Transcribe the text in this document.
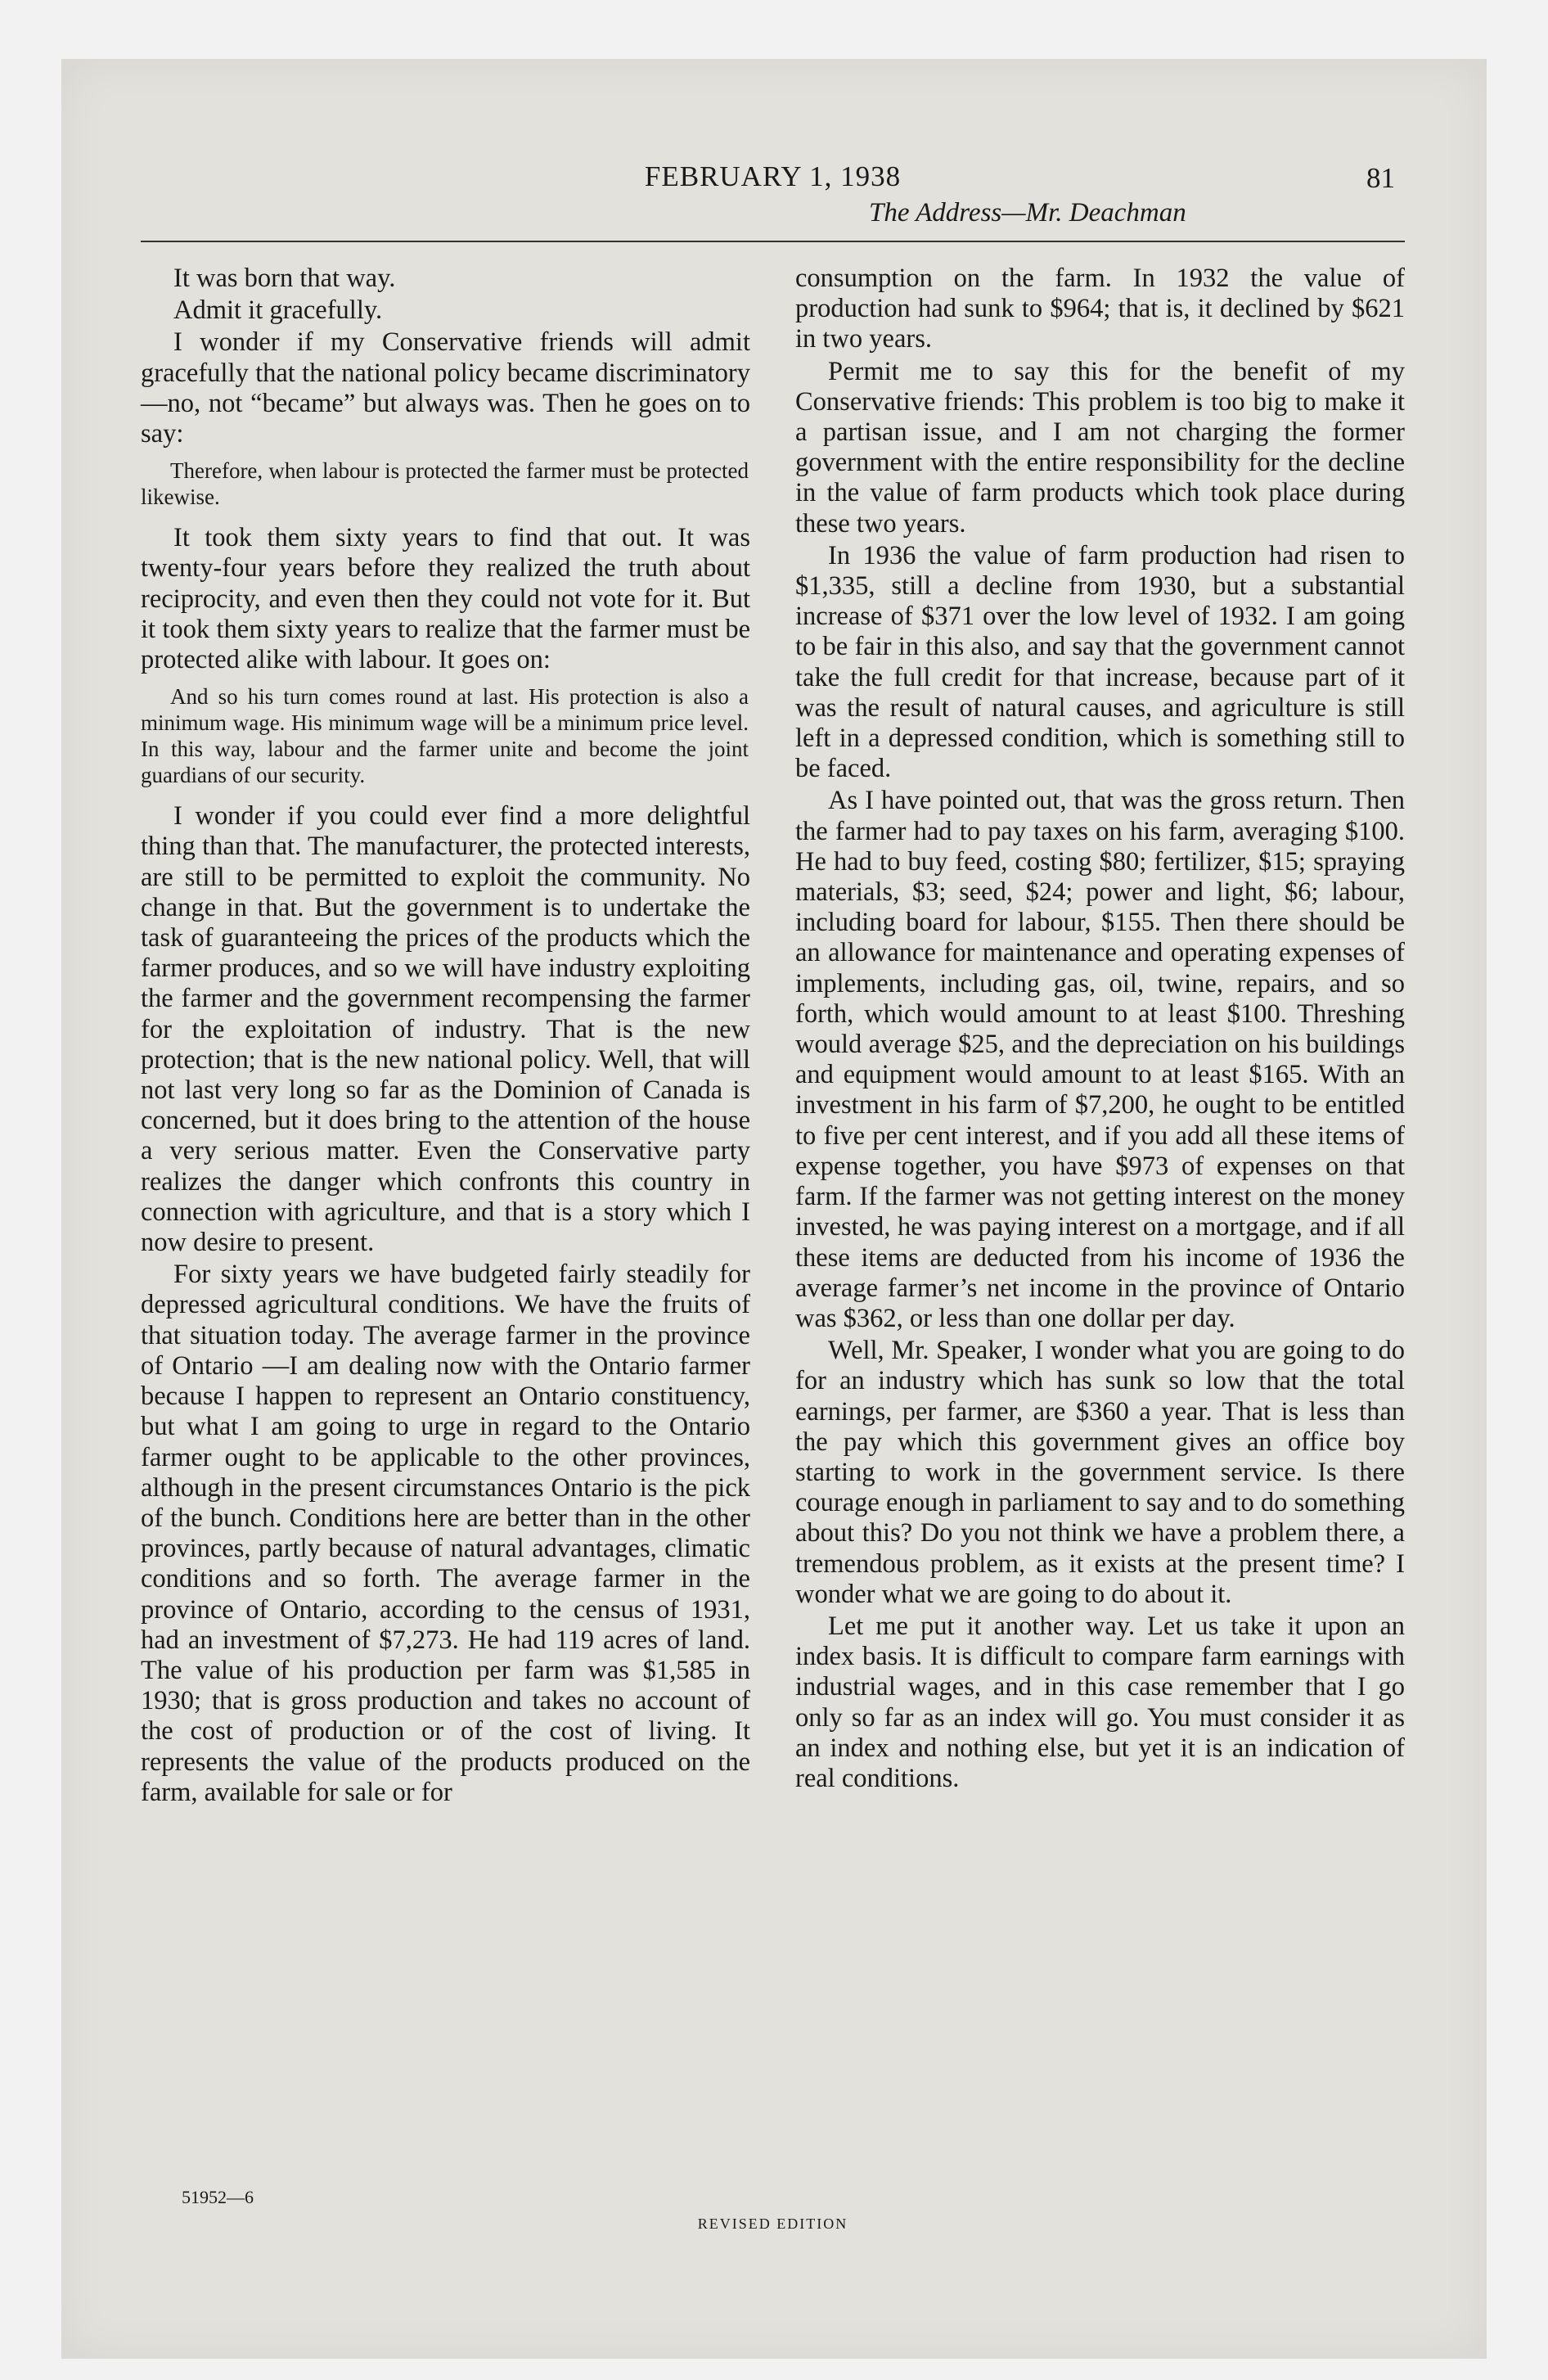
FEBRUARY 1, 1938	81
The Address—Mr. Deachman

It was born that way.

Admit it gracefully.

I wonder if my Conservative friends will admit gracefully that the national policy became discriminatory—no, not “became” but always was. Then he goes on to say:

Therefore, when labour is protected the farmer must be protected likewise.

It took them sixty years to find that out. It was twenty-four years before they realized the truth about reciprocity, and even then they could not vote for it. But it took them sixty years to realize that the farmer must be protected alike with labour. It goes on:

And so his turn comes round at last. His protection is also a minimum wage. His minimum wage will be a minimum price level. In this way, labour and the farmer unite and become the joint guardians of our security.

I wonder if you could ever find a more delightful thing than that. The manufacturer, the protected interests, are still to be permitted to exploit the community. No change in that. But the government is to undertake the task of guaranteeing the prices of the products which the farmer produces, and so we will have industry exploiting the farmer and the government recompensing the farmer for the exploitation of industry. That is the new protection; that is the new national policy. Well, that will not last very long so far as the Dominion of Canada is concerned, but it does bring to the attention of the house a very serious matter. Even the Conservative party realizes the danger which confronts this country in connection with agriculture, and that is a story which I now desire to present.

For sixty years we have budgeted fairly steadily for depressed agricultural conditions. We have the fruits of that situation today. The average farmer in the province of Ontario —I am dealing now with the Ontario farmer because I happen to represent an Ontario constituency, but what I am going to urge in regard to the Ontario farmer ought to be applicable to the other provinces, although in the present circumstances Ontario is the pick of the bunch. Conditions here are better than in the other provinces, partly because of natural advantages, climatic conditions and so forth. The average farmer in the province of Ontario, according to the census of 1931, had an investment of $7,273. He had 119 acres of land. The value of his production per farm was $1,585 in 1930; that is gross production and takes no account of the cost of production or of the cost of living. It represents the value of the products produced on the farm, available for sale or for

consumption on the farm. In 1932 the value of production had sunk to $964; that is, it declined by $621 in two years.

Permit me to say this for the benefit of my Conservative friends: This problem is too big to make it a partisan issue, and I am not charging the former government with the entire responsibility for the decline in the value of farm products which took place during these two years.

In 1936 the value of farm production had risen to $1,335, still a decline from 1930, but a substantial increase of $371 over the low level of 1932. I am going to be fair in this also, and say that the government cannot take the full credit for that increase, because part of it was the result of natural causes, and agriculture is still left in a depressed condition, which is something still to be faced.

As I have pointed out, that was the gross return. Then the farmer had to pay taxes on his farm, averaging $100. He had to buy feed, costing $80; fertilizer, $15; spraying materials, $3; seed, $24; power and light, $6; labour, including board for labour, $155. Then there should be an allowance for maintenance and operating expenses of implements, including gas, oil, twine, repairs, and so forth, which would amount to at least $100. Threshing would average $25, and the depreciation on his buildings and equipment would amount to at least $165. With an investment in his farm of $7,200, he ought to be entitled to five per cent interest, and if you add all these items of expense together, you have $973 of expenses on that farm. If the farmer was not getting interest on the money invested, he was paying interest on a mortgage, and if all these items are deducted from his income of 1936 the average farmer’s net income in the province of Ontario was $362, or less than one dollar per day.

Well, Mr. Speaker, I wonder what you are going to do for an industry which has sunk so low that the total earnings, per farmer, are $360 a year. That is less than the pay which this government gives an office boy starting to work in the government service. Is there courage enough in parliament to say and to do something about this? Do you not think we have a problem there, a tremendous problem, as it exists at the present time? I wonder what we are going to do about it.

Let me put it another way. Let us take it upon an index basis. It is difficult to compare farm earnings with industrial wages, and in this case remember that I go only so far as an index will go. You must consider it as an index and nothing else, but yet it is an indication of real conditions.

51952—6
REVISED EDITION
